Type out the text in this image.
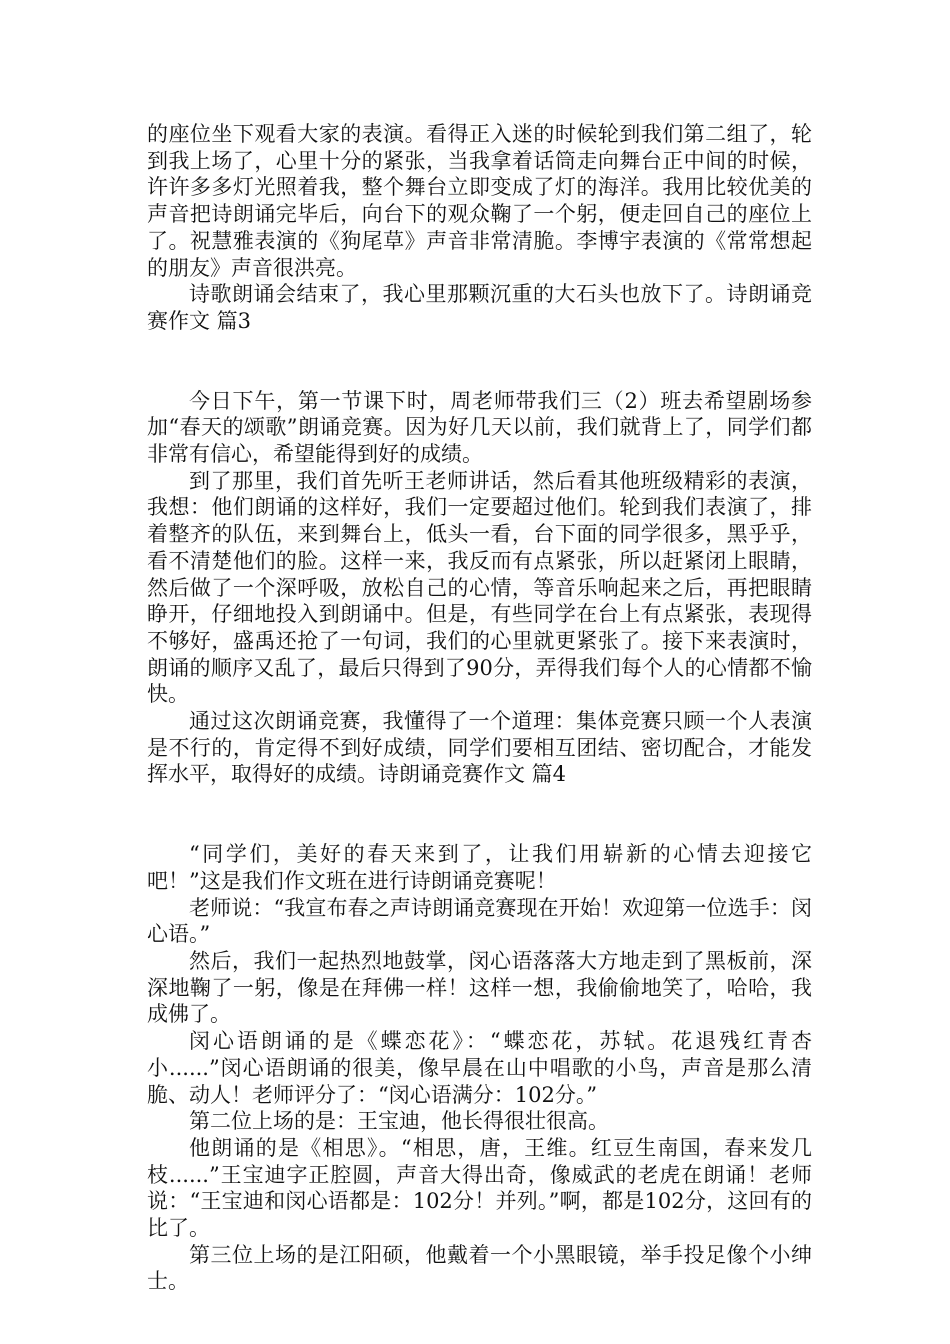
的座位坐下观看大家的表演。看得正入迷的时候轮到我们第二组了，轮到我上场了，心里十分的紧张，当我拿着话筒走向舞台正中间的时候，许许多多灯光照着我，整个舞台立即变成了灯的海洋。我用比较优美的声音把诗朗诵完毕后，向台下的观众鞠了一个躬，便走回自己的座位上了。祝慧雅表演的《狗尾草》声音非常清脆。李博宇表演的《常常想起的朋友》声音很洪亮。

诗歌朗诵会结束了，我心里那颗沉重的大石头也放下了。诗朗诵竞赛作文 篇3

今日下午，第一节课下时，周老师带我们三（2）班去希望剧场参加“春天的颂歌”朗诵竞赛。因为好几天以前，我们就背上了，同学们都非常有信心，希望能得到好的成绩。

到了那里，我们首先听王老师讲话，然后看其他班级精彩的表演，我想：他们朗诵的这样好，我们一定要超过他们。轮到我们表演了，排着整齐的队伍，来到舞台上，低头一看，台下面的同学很多，黑乎乎，看不清楚他们的脸。这样一来，我反而有点紧张，所以赶紧闭上眼睛，然后做了一个深呼吸，放松自己的心情，等音乐响起来之后，再把眼睛睁开，仔细地投入到朗诵中。但是，有些同学在台上有点紧张，表现得不够好，盛禹还抢了一句词，我们的心里就更紧张了。接下来表演时，朗诵的顺序又乱了，最后只得到了90分，弄得我们每个人的心情都不愉快。

通过这次朗诵竞赛，我懂得了一个道理：集体竞赛只顾一个人表演是不行的，肯定得不到好成绩，同学们要相互团结、密切配合，才能发挥水平，取得好的成绩。诗朗诵竞赛作文 篇4

“同学们，美好的春天来到了，让我们用崭新的心情去迎接它吧！”这是我们作文班在进行诗朗诵竞赛呢！

老师说：“我宣布春之声诗朗诵竞赛现在开始！欢迎第一位选手：闵心语。”

然后，我们一起热烈地鼓掌，闵心语落落大方地走到了黑板前，深深地鞠了一躬，像是在拜佛一样！这样一想，我偷偷地笑了，哈哈，我成佛了。

闵心语朗诵的是《蝶恋花》：“蝶恋花，苏轼。花退残红青杏小......”闵心语朗诵的很美，像早晨在山中唱歌的小鸟，声音是那么清脆、动人！老师评分了：“闵心语满分：102分。”

第二位上场的是：王宝迪，他长得很壮很高。

他朗诵的是《相思》。“相思，唐，王维。红豆生南国，春来发几枝......”王宝迪字正腔圆，声音大得出奇，像威武的老虎在朗诵！老师说：“王宝迪和闵心语都是：102分！并列。”啊，都是102分，这回有的比了。

第三位上场的是江阳硕，他戴着一个小黑眼镜，举手投足像个小绅士。
